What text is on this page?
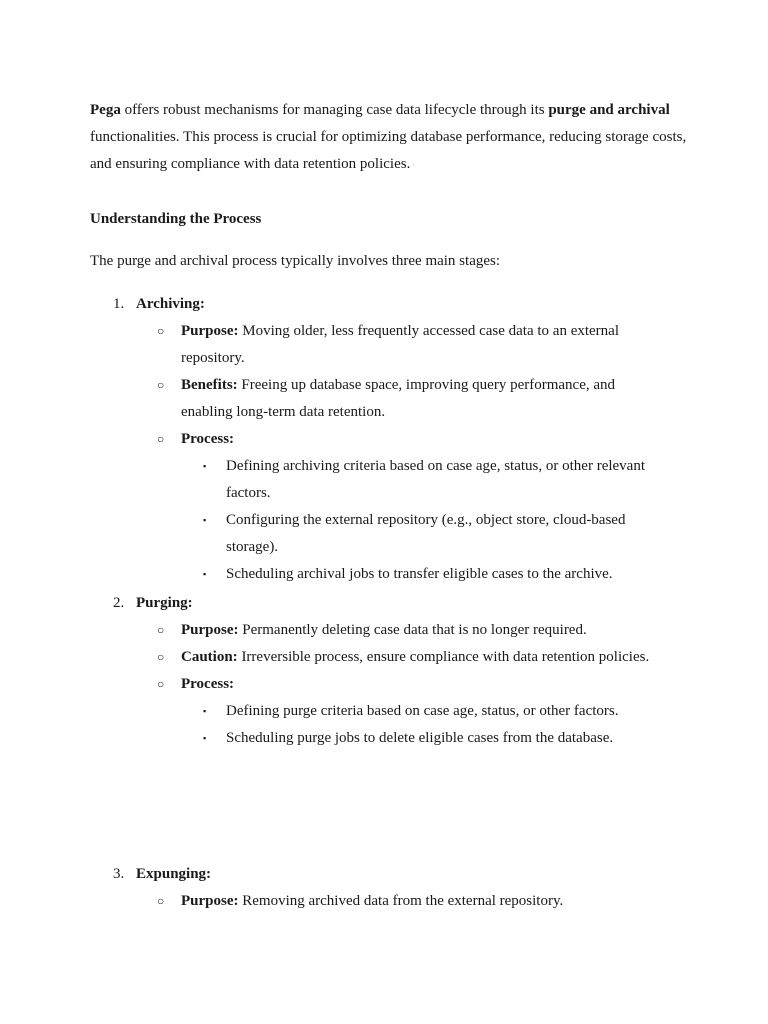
Pega offers robust mechanisms for managing case data lifecycle through its purge and archival functionalities. This process is crucial for optimizing database performance, reducing storage costs, and ensuring compliance with data retention policies. ·

Understanding the Process

The purge and archival process typically involves three main stages:

1. Archiving:

○ Purpose: Moving older, less frequently accessed case data to an external repository.

○ Benefits: Freeing up database space, improving query performance, and enabling long-term data retention.

○ Process:

▪ Defining archiving criteria based on case age, status, or other relevant factors.

▪ Configuring the external repository (e.g., object store, cloud-based storage).

▪ Scheduling archival jobs to transfer eligible cases to the archive.

2. Purging:

○ Purpose: Permanently deleting case data that is no longer required.

○ Caution: Irreversible process, ensure compliance with data retention policies.

○ Process:

▪ Defining purge criteria based on case age, status, or other factors.

▪ Scheduling purge jobs to delete eligible cases from the database.

3. Expunging:

○ Purpose: Removing archived data from the external repository.
